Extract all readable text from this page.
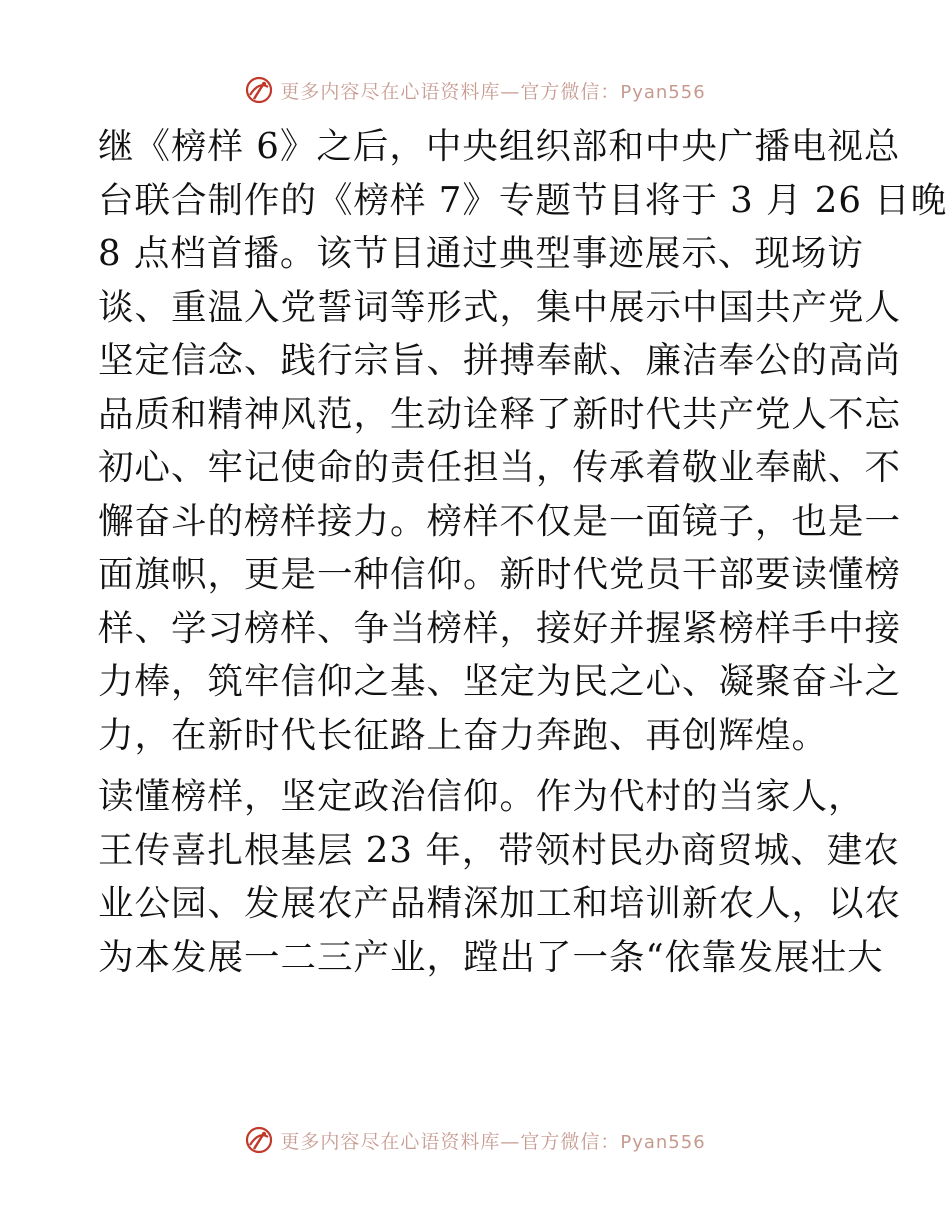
更多内容尽在心语资料库—官方微信：Pyan556
继《榜样 6》之后，中央组织部和中央广播电视总
台联合制作的《榜样 7》专题节目将于 3 月 26 日晚
8 点档首播。该节目通过典型事迹展示、现场访
谈、重温入党誓词等形式，集中展示中国共产党人
坚定信念、践行宗旨、拼搏奉献、廉洁奉公的高尚
品质和精神风范，生动诠释了新时代共产党人不忘
初心、牢记使命的责任担当，传承着敬业奉献、不
懈奋斗的榜样接力。榜样不仅是一面镜子，也是一
面旗帜，更是一种信仰。新时代党员干部要读懂榜
样、学习榜样、争当榜样，接好并握紧榜样手中接
力棒，筑牢信仰之基、坚定为民之心、凝聚奋斗之
力，在新时代长征路上奋力奔跑、再创辉煌。
读懂榜样，坚定政治信仰。作为代村的当家人，
王传喜扎根基层 23 年，带领村民办商贸城、建农
业公园、发展农产品精深加工和培训新农人，以农
为本发展一二三产业，蹚出了一条“依靠发展壮大
更多内容尽在心语资料库—官方微信：Pyan556
